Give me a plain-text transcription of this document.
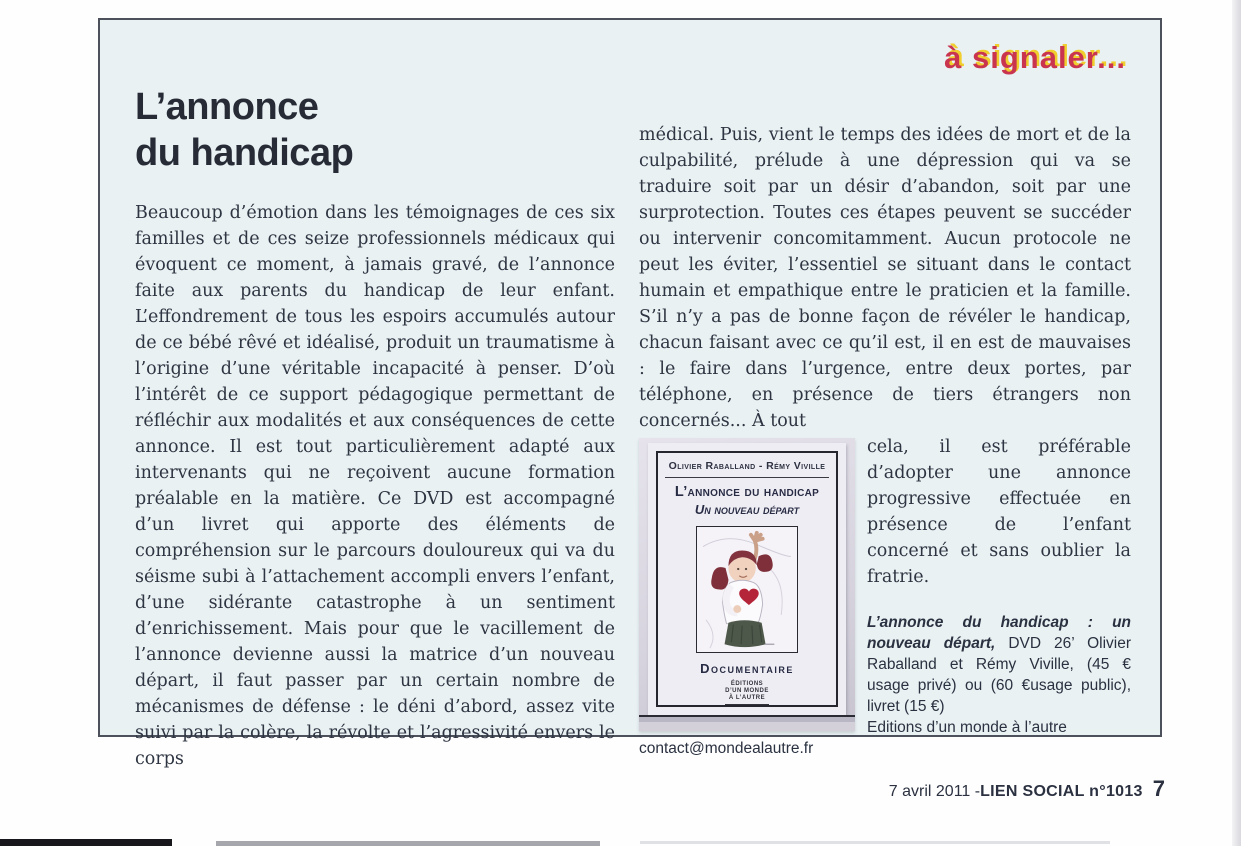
à signaler...
L’annonce
du handicap

Beaucoup d’émotion dans les témoignages de ces six familles et de ces seize professionnels médicaux qui évoquent ce moment, à jamais gravé, de l’annonce faite aux parents du handicap de leur enfant. L’effondrement de tous les espoirs accumulés autour de ce bébé rêvé et idéalisé, produit un traumatisme à l’origine d’une véritable incapacité à penser. D’où l’intérêt de ce support pédagogique permettant de réfléchir aux modalités et aux conséquences de cette annonce. Il est tout particulièrement adapté aux intervenants qui ne reçoivent aucune formation préalable en la matière. Ce DVD est accompagné d’un livret qui apporte des éléments de compréhension sur le parcours douloureux qui va du séisme subi à l’attachement accompli envers l’enfant, d’une sidérante catastrophe à un sentiment d’enrichissement. Mais pour que le vacillement de l’annonce devienne aussi la matrice d’un nouveau départ, il faut passer par un certain nombre de mécanismes de défense : le déni d’abord, assez vite suivi par la colère, la révolte et l’agressivité envers le corps

médical. Puis, vient le temps des idées de mort et de la culpabilité, prélude à une dépression qui va se traduire soit par un désir d’abandon, soit par une surprotection. Toutes ces étapes peuvent se succéder ou intervenir concomitamment. Aucun protocole ne peut les éviter, l’essentiel se situant dans le contact humain et empathique entre le praticien et la famille. S’il n’y a pas de bonne façon de révéler le handicap, chacun faisant avec ce qu’il est, il en est de mauvaises : le faire dans l’urgence, entre deux portes, par téléphone, en présence de tiers étrangers non concernés... À tout

Olivier Raballand - Rémy Viville
L’annonce du handicap
Un nouveau départ
Documentaire
ÉDITIONS
D’UN MONDE
À L’AUTRE

cela, il est préférable d’adopter une annonce progressive effectuée en présence de l’enfant concerné et sans oublier la fratrie.

L’annonce du handicap : un nouveau départ, DVD 26’ Olivier Raballand et Rémy Viville, (45 € usage privé) ou (60 €usage public), livret (15 €)

Editions d’un monde à l’autre
contact@mondealautre.fr
7 avril 2011 - LIEN SOCIAL n°1013 7
